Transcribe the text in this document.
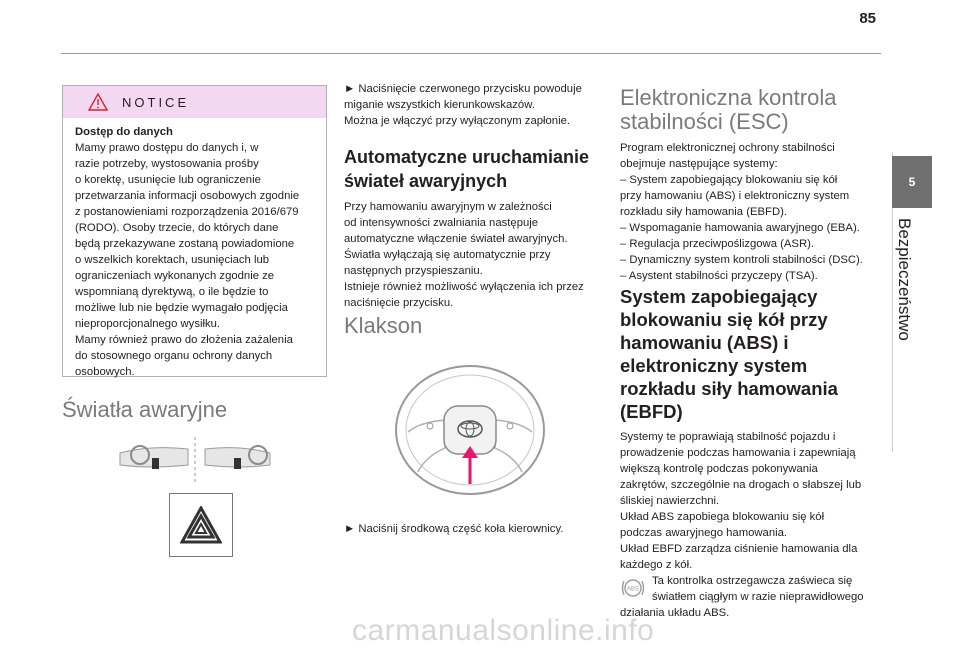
85
5
Bezpieczeństwo
NOTICE

Dostęp do danych

Mamy prawo dostępu do danych i, w

razie potrzeby, wystosowania prośby

o korektę, usunięcie lub ograniczenie

przetwarzania informacji osobowych zgodnie

z postanowieniami rozporządzenia 2016/679

(RODO). Osoby trzecie, do których dane

będą przekazywane zostaną powiadomione

o wszelkich korektach, usunięciach lub

ograniczeniach wykonanych zgodnie ze

wspomnianą dyrektywą, o ile będzie to

możliwe lub nie będzie wymagało podjęcia

nieproporcjonalnego wysiłku.

Mamy również prawo do złożenia zażalenia

do stosownego organu ochrony danych

osobowych.

Światła awaryjne

► Naciśnięcie czerwonego przycisku powoduje

miganie wszystkich kierunkowskazów.

Można je włączyć przy wyłączonym zapłonie.

Automatyczne uruchamianie
świateł awaryjnych

Przy hamowaniu awaryjnym w zależności

od intensywności zwalniania następuje

automatyczne włączenie świateł awaryjnych.

Światła wyłączają się automatycznie przy

następnych przyspieszaniu.

Istnieje również możliwość wyłączenia ich przez

naciśnięcie przycisku.

Klakson

► Naciśnij środkową część koła kierownicy.

Elektroniczna kontrola
stabilności (ESC)

Program elektronicznej ochrony stabilności

obejmuje następujące systemy:

– System zapobiegający blokowaniu się kół

przy hamowaniu (ABS) i elektroniczny system

rozkładu siły hamowania (EBFD).

– Wspomaganie hamowania awaryjnego (EBA).

– Regulacja przeciwpoślizgowa (ASR).

– Dynamiczny system kontroli stabilności (DSC).

– Asystent stabilności przyczepy (TSA).

System zapobiegający
blokowaniu się kół przy
hamowaniu (ABS) i
elektroniczny system
rozkładu siły hamowania
(EBFD)

Systemy te poprawiają stabilność pojazdu i

prowadzenie podczas hamowania i zapewniają

większą kontrolę podczas pokonywania

zakrętów, szczególnie na drogach o słabszej lub

śliskiej nawierzchni.

Układ ABS zapobiega blokowaniu się kół

podczas awaryjnego hamowania.

Układ EBFD zarządza ciśnienie hamowania dla

każdego z kół.

ABS

Ta kontrolka ostrzegawcza zaświeca się

światłem ciągłym w razie nieprawidłowego

działania układu ABS.

carmanualsonline.info
